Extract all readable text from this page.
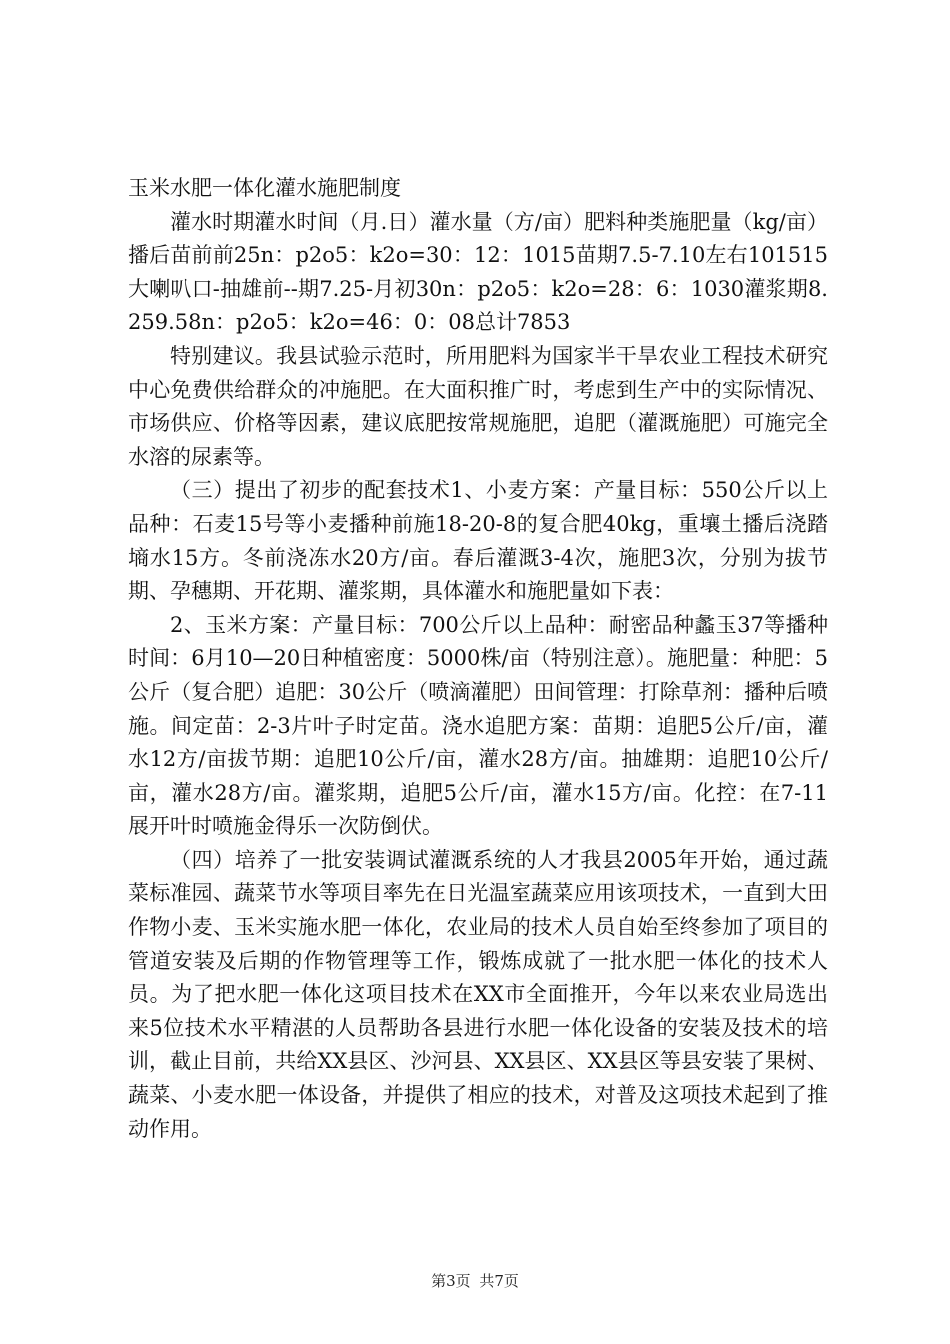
玉米水肥一体化灌水施肥制度

灌水时期灌水时间（月.日）灌水量（方/亩）肥料种类施肥量（kg/亩）播后苗前前25n：p2o5：k2o=30：12：1015苗期7.5-7.10左右101515大喇叭口-抽雄前--期7.25-月初30n：p2o5：k2o=28：6：1030灌浆期8.259.58n：p2o5：k2o=46：0：08总计7853

特别建议。我县试验示范时，所用肥料为国家半干旱农业工程技术研究中心免费供给群众的冲施肥。在大面积推广时，考虑到生产中的实际情况、市场供应、价格等因素，建议底肥按常规施肥，追肥（灌溉施肥）可施完全水溶的尿素等。

（三）提出了初步的配套技术1、小麦方案：产量目标：550公斤以上品种：石麦15号等小麦播种前施18-20-8的复合肥40kg，重壤土播后浇踏墒水15方。冬前浇冻水20方/亩。春后灌溉3-4次，施肥3次，分别为拔节期、孕穗期、开花期、灌浆期，具体灌水和施肥量如下表：

2、玉米方案：产量目标：700公斤以上品种：耐密品种蠡玉37等播种时间：6月10—20日种植密度：5000株/亩（特别注意）。施肥量：种肥：5公斤（复合肥）追肥：30公斤（喷滴灌肥）田间管理：打除草剂：播种后喷施。间定苗：2-3片叶子时定苗。浇水追肥方案：苗期：追肥5公斤/亩，灌水12方/亩拔节期：追肥10公斤/亩，灌水28方/亩。抽雄期：追肥10公斤/亩，灌水28方/亩。灌浆期，追肥5公斤/亩，灌水15方/亩。化控：在7-11展开叶时喷施金得乐一次防倒伏。

（四）培养了一批安装调试灌溉系统的人才我县2005年开始，通过蔬菜标准园、蔬菜节水等项目率先在日光温室蔬菜应用该项技术，一直到大田作物小麦、玉米实施水肥一体化，农业局的技术人员自始至终参加了项目的管道安装及后期的作物管理等工作，锻炼成就了一批水肥一体化的技术人员。为了把水肥一体化这项目技术在XX市全面推开，今年以来农业局选出来5位技术水平精湛的人员帮助各县进行水肥一体化设备的安装及技术的培训，截止目前，共给XX县区、沙河县、XX县区、XX县区等县安装了果树、蔬菜、小麦水肥一体设备，并提供了相应的技术，对普及这项技术起到了推动作用。

第3页 共7页
